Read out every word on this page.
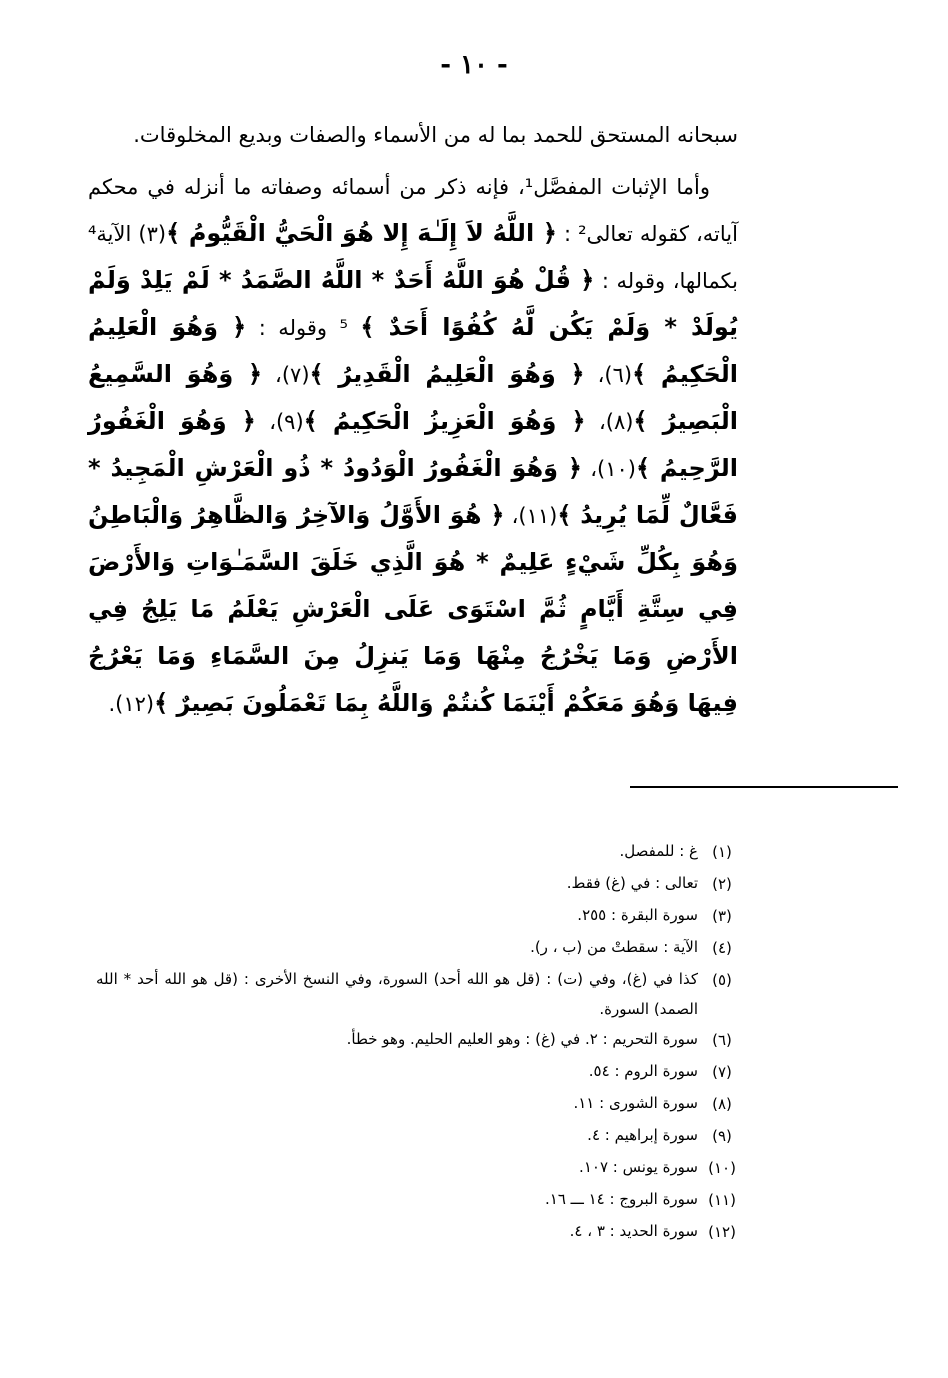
- ١٠ -

سبحانه المستحق للحمد بما له من الأسماء والصفات وبديع المخلوقات.

وأما الإثبات المفصَّل¹، فإنه ذكر من أسمائه وصفاته ما أنزله في محكم آياته، كقوله تعالى² : ﴿ اللَّهُ لاَ إِلَـٰهَ إِلا هُوَ الْحَيُّ الْقَيُّومُ ﴾(٣) الآية⁴ بكمالها، وقوله : ﴿ قُلْ هُوَ اللَّهُ أَحَدٌ * اللَّهُ الصَّمَدُ * لَمْ يَلِدْ وَلَمْ يُولَدْ * وَلَمْ يَكُن لَّهُ كُفُوًا أَحَدٌ ﴾ ⁵ وقوله : ﴿ وَهُوَ الْعَلِيمُ الْحَكِيمُ ﴾(٦)، ﴿ وَهُوَ الْعَلِيمُ الْقَدِيرُ ﴾(٧)، ﴿ وَهُوَ السَّمِيعُ الْبَصِيرُ ﴾(٨)، ﴿ وَهُوَ الْعَزِيزُ الْحَكِيمُ ﴾(٩)، ﴿ وَهُوَ الْغَفُورُ الرَّحِيمُ ﴾(١٠)، ﴿ وَهُوَ الْغَفُورُ الْوَدُودُ * ذُو الْعَرْشِ الْمَجِيدُ * فَعَّالٌ لِّمَا يُرِيدُ ﴾(١١)، ﴿ هُوَ الأَوَّلُ وَالآخِرُ وَالظَّاهِرُ وَالْبَاطِنُ وَهُوَ بِكُلِّ شَيْءٍ عَلِيمٌ * هُوَ الَّذِي خَلَقَ السَّمَـٰوَاتِ وَالأَرْضَ فِي سِتَّةِ أَيَّامٍ ثُمَّ اسْتَوَى عَلَى الْعَرْشِ يَعْلَمُ مَا يَلِجُ فِي الأَرْضِ وَمَا يَخْرُجُ مِنْهَا وَمَا يَنزِلُ مِنَ السَّمَاءِ وَمَا يَعْرُجُ فِيهَا وَهُوَ مَعَكُمْ أَيْنَمَا كُنتُمْ وَاللَّهُ بِمَا تَعْمَلُونَ بَصِيرٌ ﴾(١٢).

(١)
غ : للمفصل.
(٢)
تعالى : في (غ) فقط.
(٣)
سورة البقرة : ٢٥٥.
(٤)
الآية : سقطتْ من (ب ، ر).
(٥)
كذا في (غ)، وفي (ت) : (قل هو الله أحد) السورة، وفي النسخ الأخرى : (قل هو الله أحد * الله الصمد) السورة.
(٦)
سورة التحريم : ٢. في (غ) : وهو العليم الحليم. وهو خطأ.
(٧)
سورة الروم : ٥٤.
(٨)
سورة الشورى : ١١.
(٩)
سورة إبراهيم : ٤.
(١٠)
سورة يونس : ١٠٧.
(١١)
سورة البروج : ١٤ ـــ ١٦.
(١٢)
سورة الحديد : ٣ ، ٤.
